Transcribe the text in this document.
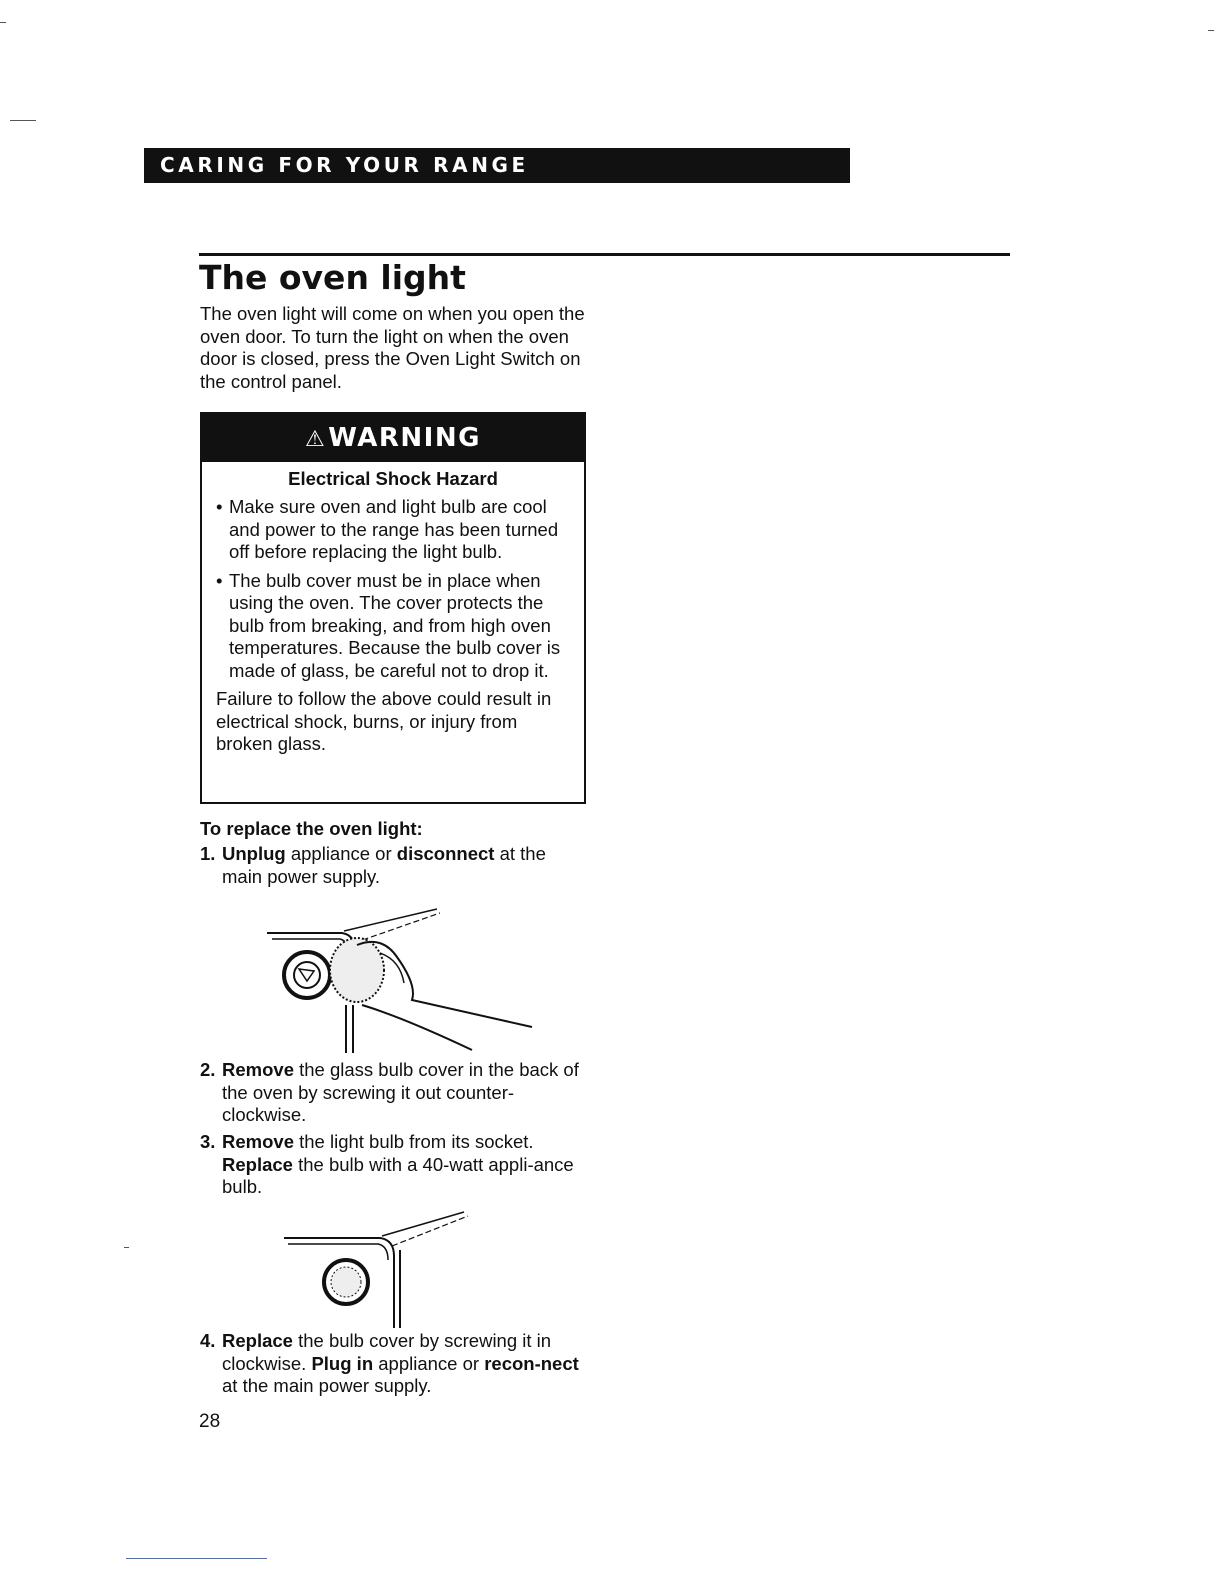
CARING FOR YOUR RANGE
The oven light

The oven light will come on when you open the oven door. To turn the light on when the oven door is closed, press the Oven Light Switch on the control panel.

⚠WARNING
Electrical Shock Hazard
• Make sure oven and light bulb are cool and power to the range has been turned off before replacing the light bulb.
• The bulb cover must be in place when using the oven. The cover protects the bulb from breaking, and from high oven temperatures. Because the bulb cover is made of glass, be careful not to drop it.

Failure to follow the above could result in electrical shock, burns, or injury from broken glass.

To replace the oven light:

1. Unplug appliance or disconnect at the main power supply.
2. Remove the glass bulb cover in the back of the oven by screwing it out counter-clockwise.
3. Remove the light bulb from its socket. Replace the bulb with a 40-watt appli-ance bulb.
4. Replace the bulb cover by screwing it in clockwise. Plug in appliance or recon-nect at the main power supply.

28
